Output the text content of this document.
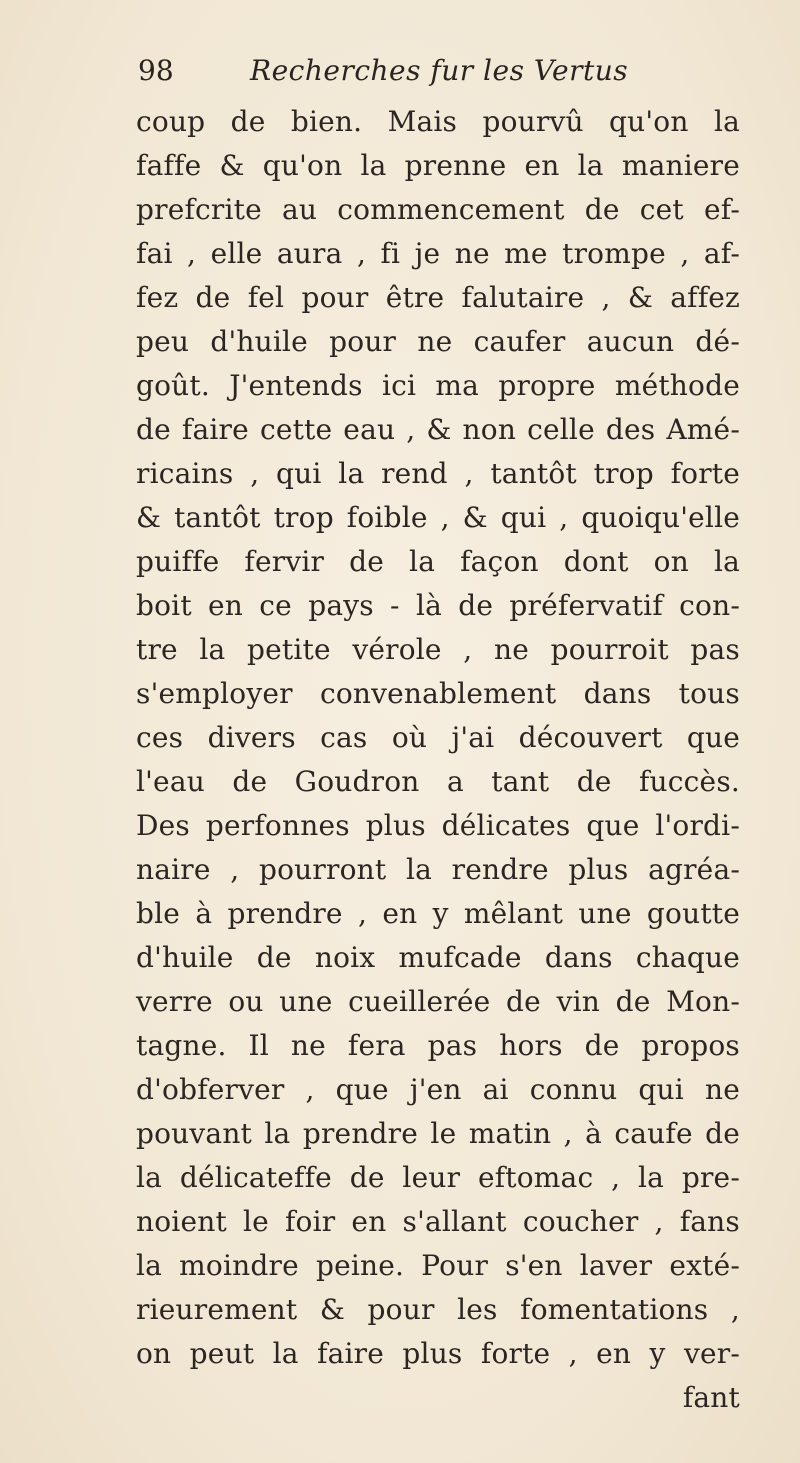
98	Recherches fur les Vertus
coup de bien. Mais pourvû qu'on la
faffe & qu'on la prenne en la maniere
prefcrite au commencement de cet ef-
fai , elle aura , fi je ne me trompe , af-
fez de fel pour être falutaire , & affez
peu d'huile pour ne caufer aucun dé-
goût. J'entends ici ma propre méthode
de faire cette eau , & non celle des Amé-
ricains , qui la rend , tantôt trop forte
& tantôt trop foible , & qui , quoiqu'elle
puiffe fervir de la façon dont on la
boit en ce pays - là de préfervatif con-
tre la petite vérole , ne pourroit pas
s'employer convenablement dans tous
ces divers cas où j'ai découvert que
l'eau de Goudron a tant de fuccès.
Des perfonnes plus délicates que l'ordi-
naire , pourront la rendre plus agréa-
ble à prendre , en y mêlant une goutte
d'huile de noix mufcade dans chaque
verre ou une cueillerée de vin de Mon-
tagne. Il ne fera pas hors de propos
d'obferver , que j'en ai connu qui ne
pouvant la prendre le matin , à caufe de
la délicateffe de leur eftomac , la pre-
noient le foir en s'allant coucher , fans
la moindre peine. Pour s'en laver exté-
rieurement & pour les fomentations ,
on peut la faire plus forte , en y ver-
fant
